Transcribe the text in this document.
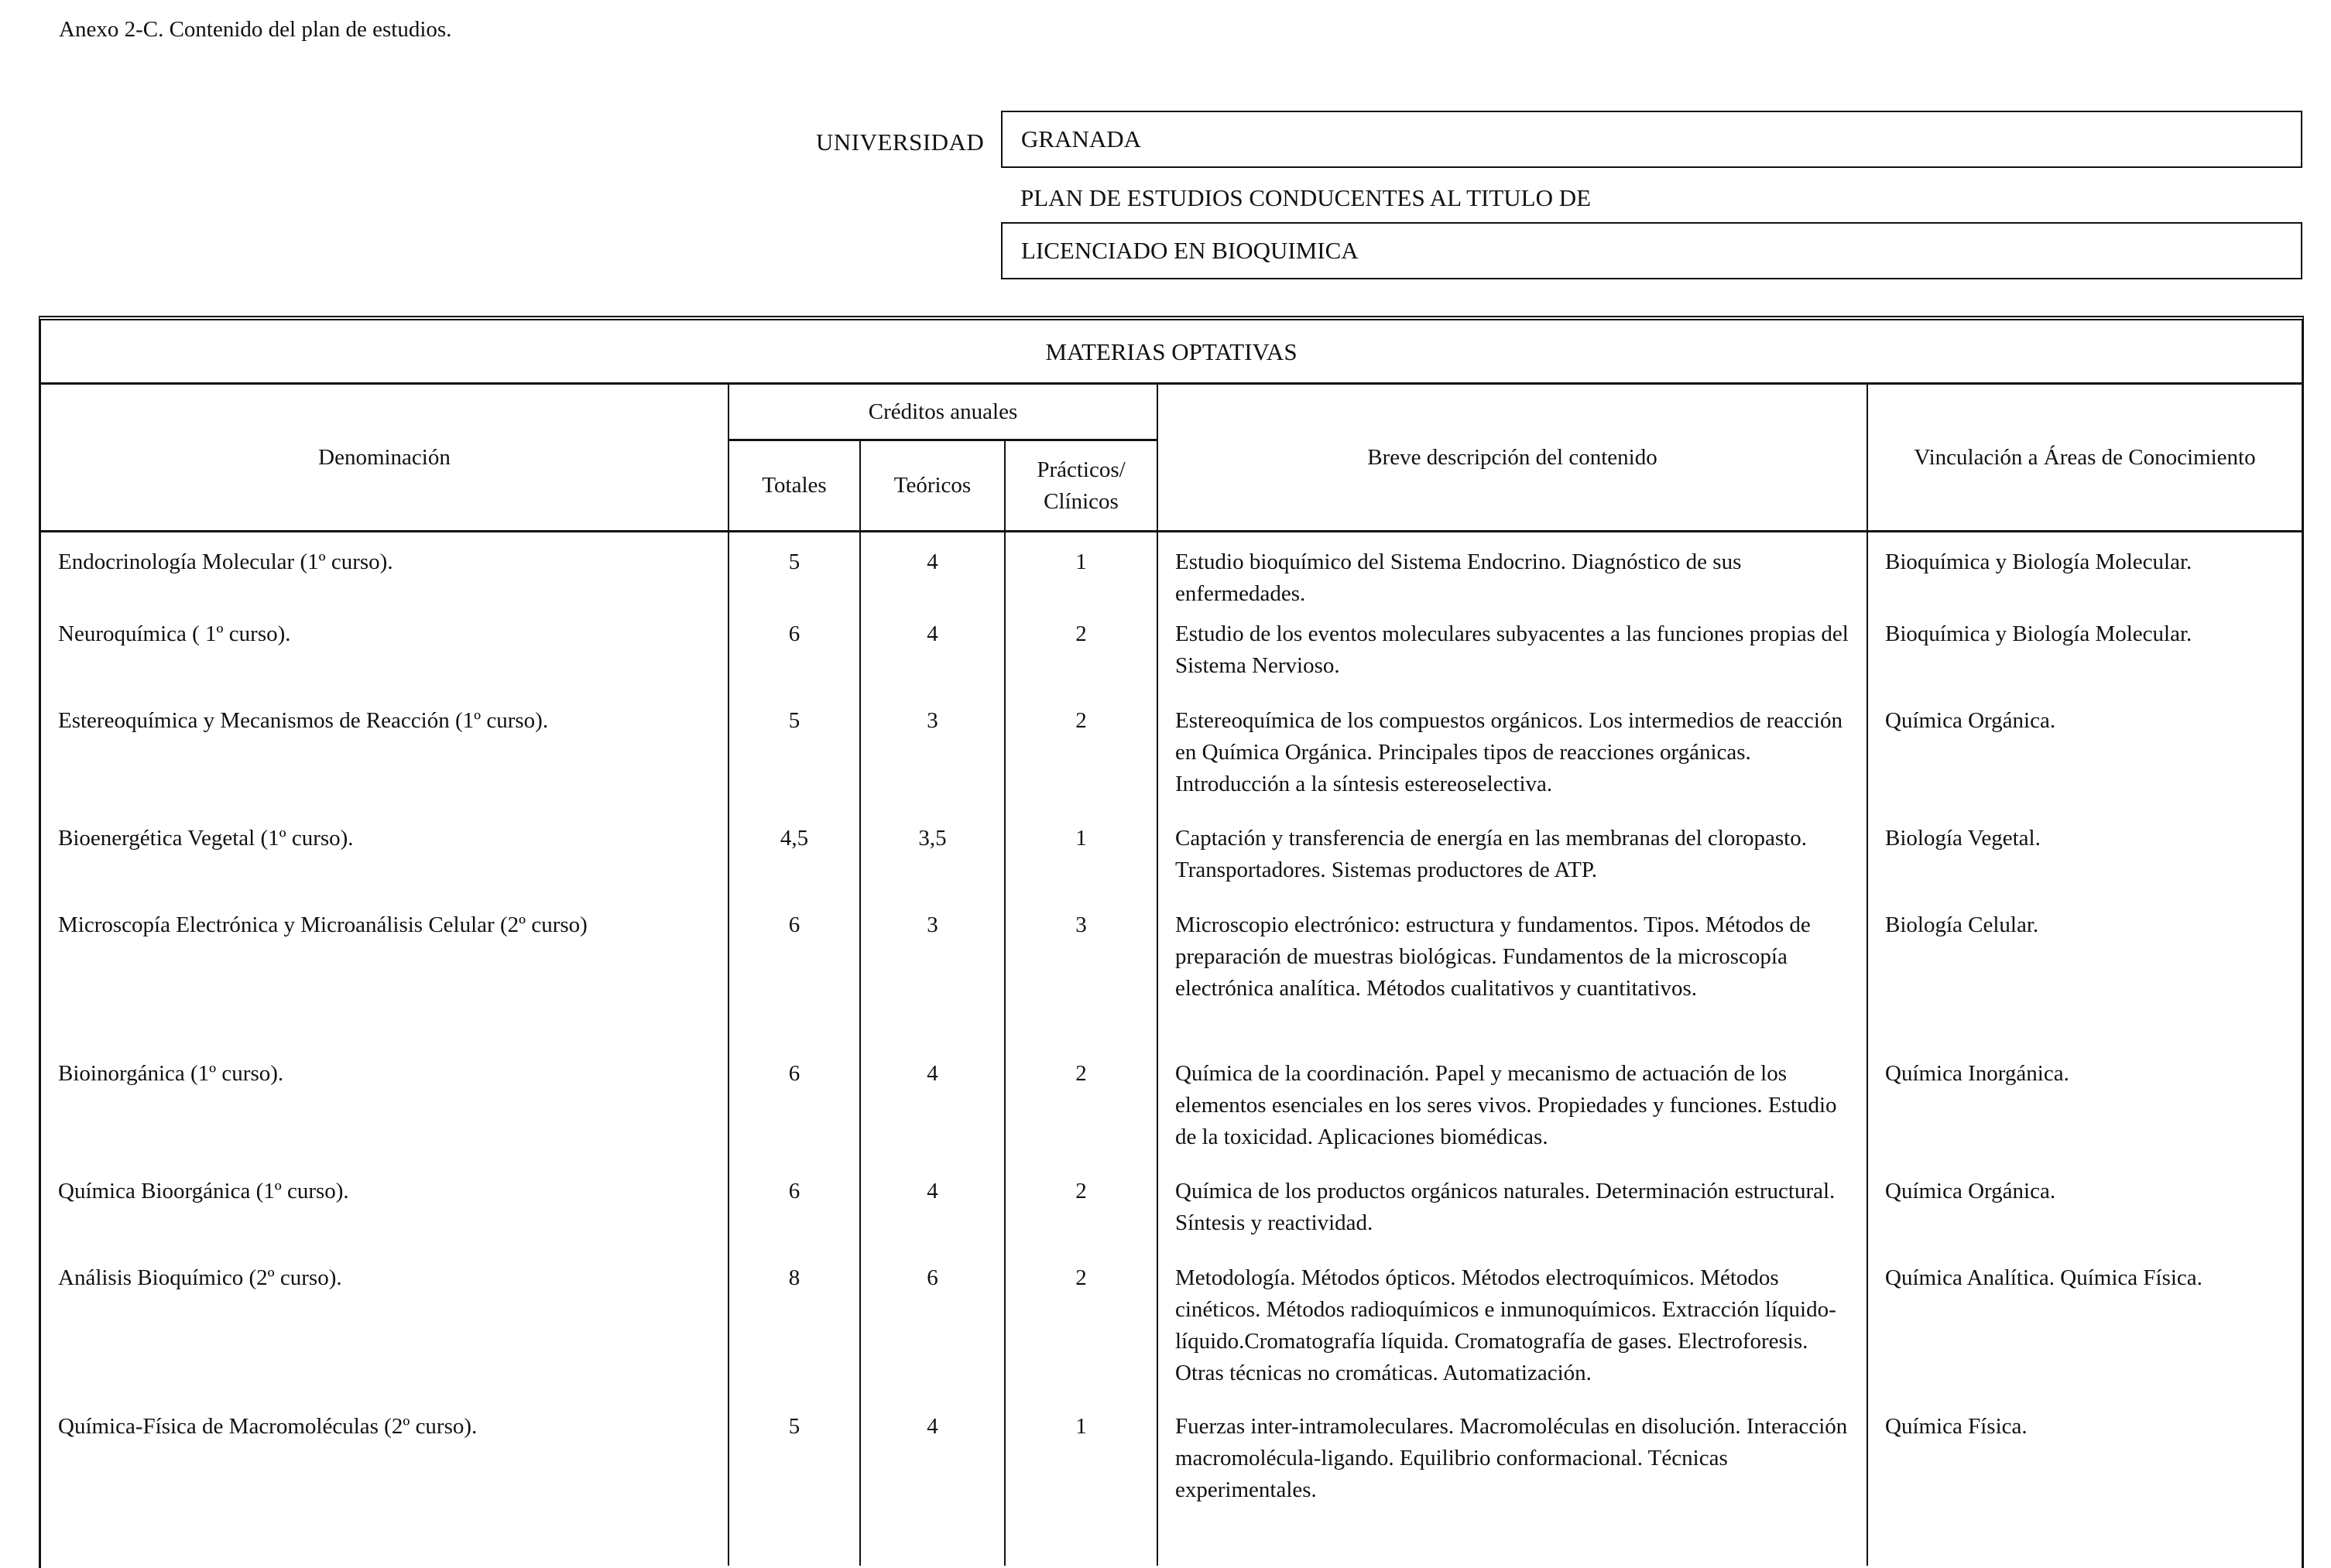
Anexo 2-C. Contenido del plan de estudios.
UNIVERSIDAD GRANADA
PLAN DE ESTUDIOS CONDUCENTES AL TITULO DE
LICENCIADO EN BIOQUIMICA
MATERIAS OPTATIVAS					
Denominación	Créditos anuales			Breve descripción del contenido	Vinculación a Áreas de Conocimiento
	Totales	Teóricos	Prácticos/ Clínicos		
Endocrinología Molecular (1º curso).	5	4	1	Estudio bioquímico del Sistema Endocrino. Diagnóstico de sus enfermedades.	Bioquímica y Biología Molecular.
Neuroquímica ( 1º curso).	6	4	2	Estudio de los eventos moleculares subyacentes a las funciones propias del Sistema Nervioso.	Bioquímica y Biología Molecular.
Estereoquímica y Mecanismos de Reacción (1º curso).	5	3	2	Estereoquímica de los compuestos orgánicos. Los intermedios de reacción en Química Orgánica. Principales tipos de reacciones orgánicas. Introducción a la síntesis estereoselectiva.	Química Orgánica.
Bioenergética Vegetal (1º curso).	4,5	3,5	1	Captación y transferencia de energía en las membranas del cloropasto. Transportadores. Sistemas productores de ATP.	Biología Vegetal.
Microscopía Electrónica y Microanálisis Celular (2º curso)	6	3	3	Microscopio electrónico: estructura y fundamentos. Tipos. Métodos de preparación de muestras biológicas. Fundamentos de la microscopía electrónica analítica. Métodos cualitativos y cuantitativos.	Biología Celular.
Bioinorgánica (1º curso).	6	4	2	Química de la coordinación. Papel y mecanismo de actuación de los elementos esenciales en los seres vivos. Propiedades y funciones. Estudio de la toxicidad. Aplicaciones biomédicas.	Química Inorgánica.
Química Bioorgánica (1º curso).	6	4	2	Química de los productos orgánicos naturales. Determinación estructural. Síntesis y reactividad.	Química Orgánica.
Análisis Bioquímico (2º curso).	8	6	2	Metodología. Métodos ópticos. Métodos electroquímicos. Métodos cinéticos. Métodos radioquímicos e inmunoquímicos. Extracción líquido-líquido.Cromatografía líquida. Cromatografía de gases. Electroforesis. Otras técnicas no cromáticas. Automatización.	Química Analítica. Química Física.
Química-Física de Macromoléculas (2º curso).	5	4	1	Fuerzas inter-intramoleculares. Macromoléculas en disolución. Interacción macromolécula-ligando. Equilibrio conformacional. Técnicas experimentales.	Química Física.
